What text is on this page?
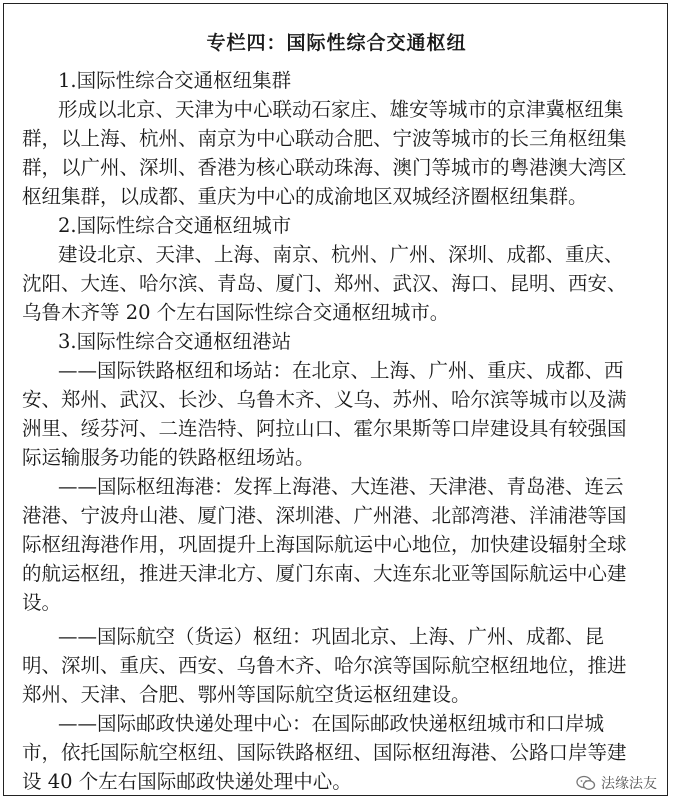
专栏四：国际性综合交通枢纽
1.国际性综合交通枢纽集群
形成以北京、天津为中心联动石家庄、雄安等城市的京津冀枢纽集
群，以上海、杭州、南京为中心联动合肥、宁波等城市的长三角枢纽集
群，以广州、深圳、香港为核心联动珠海、澳门等城市的粤港澳大湾区
枢纽集群，以成都、重庆为中心的成渝地区双城经济圈枢纽集群。
2.国际性综合交通枢纽城市
建设北京、天津、上海、南京、杭州、广州、深圳、成都、重庆、
沈阳、大连、哈尔滨、青岛、厦门、郑州、武汉、海口、昆明、西安、
乌鲁木齐等 20 个左右国际性综合交通枢纽城市。
3.国际性综合交通枢纽港站
——国际铁路枢纽和场站：在北京、上海、广州、重庆、成都、西
安、郑州、武汉、长沙、乌鲁木齐、义乌、苏州、哈尔滨等城市以及满
洲里、绥芬河、二连浩特、阿拉山口、霍尔果斯等口岸建设具有较强国
际运输服务功能的铁路枢纽场站。
——国际枢纽海港：发挥上海港、大连港、天津港、青岛港、连云
港港、宁波舟山港、厦门港、深圳港、广州港、北部湾港、洋浦港等国
际枢纽海港作用，巩固提升上海国际航运中心地位，加快建设辐射全球
的航运枢纽，推进天津北方、厦门东南、大连东北亚等国际航运中心建
设。
——国际航空（货运）枢纽：巩固北京、上海、广州、成都、昆
明、深圳、重庆、西安、乌鲁木齐、哈尔滨等国际航空枢纽地位，推进
郑州、天津、合肥、鄂州等国际航空货运枢纽建设。
——国际邮政快递处理中心：在国际邮政快递枢纽城市和口岸城
市，依托国际航空枢纽、国际铁路枢纽、国际枢纽海港、公路口岸等建
设 40 个左右国际邮政快递处理中心。	法缘法友
